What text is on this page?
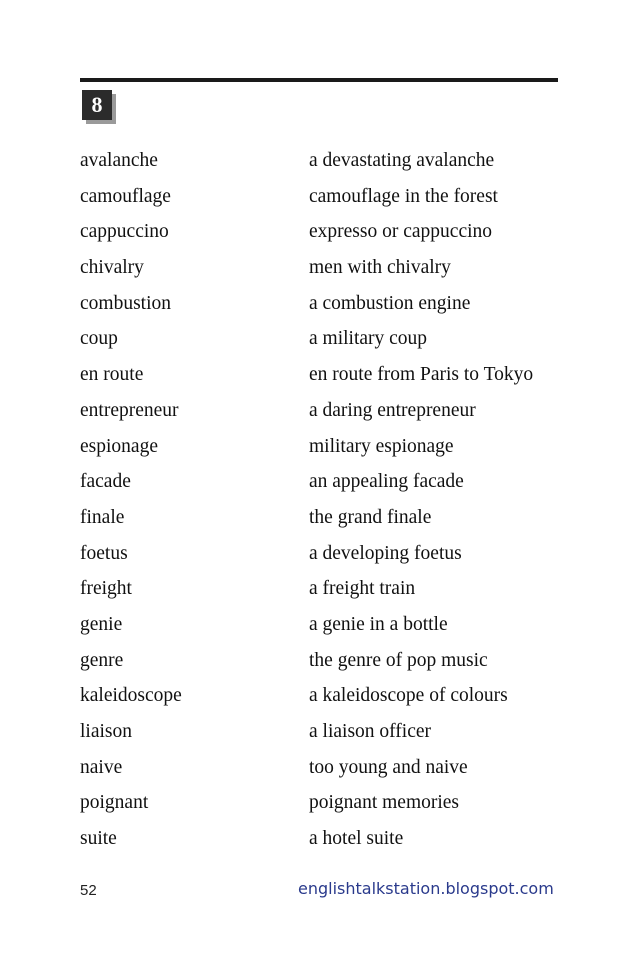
8
avalanche	a devastating avalanche
camouflage	camouflage in the forest
cappuccino	expresso or cappuccino
chivalry	men with chivalry
combustion	a combustion engine
coup	a military coup
en route	en route from Paris to Tokyo
entrepreneur	a daring entrepreneur
espionage	military espionage
facade	an appealing facade
finale	the grand finale
foetus	a developing foetus
freight	a freight train
genie	a genie in a bottle
genre	the genre of pop music
kaleidoscope	a kaleidoscope of colours
liaison	a liaison officer
naive	too young and naive
poignant	poignant memories
suite	a hotel suite
52	englishtalkstation.blogspot.com
